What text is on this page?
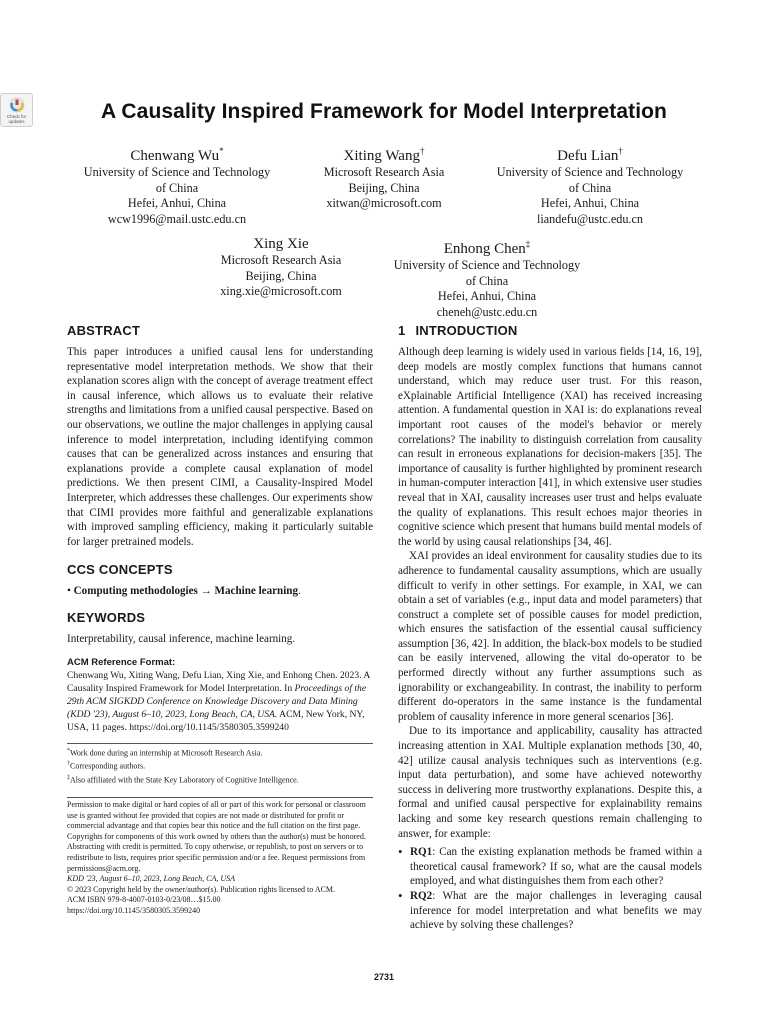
Check for updates	A Causality Inspired Framework for Model Interpretation
Chenwang Wu*
University of Science and Technology
of China
Hefei, Anhui, China
wcw1996@mail.ustc.edu.cn
Xiting Wang†
Microsoft Research Asia
Beijing, China
xitwan@microsoft.com
Defu Lian†
University of Science and Technology
of China
Hefei, Anhui, China
liandefu@ustc.edu.cn
Xing Xie
Microsoft Research Asia
Beijing, China
xing.xie@microsoft.com
Enhong Chen‡
University of Science and Technology
of China
Hefei, Anhui, China
cheneh@ustc.edu.cn
ABSTRACT

This paper introduces a unified causal lens for understanding representative model interpretation methods. We show that their explanation scores align with the concept of average treatment effect in causal inference, which allows us to evaluate their relative strengths and limitations from a unified causal perspective. Based on our observations, we outline the major challenges in applying causal inference to model interpretation, including identifying common causes that can be generalized across instances and ensuring that explanations provide a complete causal explanation of model predictions. We then present CIMI, a Causality-Inspired Model Interpreter, which addresses these challenges. Our experiments show that CIMI provides more faithful and generalizable explanations with improved sampling efficiency, making it particularly suitable for larger pretrained models.

CCS CONCEPTS

• Computing methodologies → Machine learning.

KEYWORDS

Interpretability, causal inference, machine learning.

ACM Reference Format:

Chenwang Wu, Xiting Wang, Defu Lian, Xing Xie, and Enhong Chen. 2023. A Causality Inspired Framework for Model Interpretation. In Proceedings of the 29th ACM SIGKDD Conference on Knowledge Discovery and Data Mining (KDD '23), August 6–10, 2023, Long Beach, CA, USA. ACM, New York, NY, USA, 11 pages. https://doi.org/10.1145/3580305.3599240

*Work done during an internship at Microsoft Research Asia.
†Corresponding authors.
‡Also affiliated with the State Key Laboratory of Cognitive Intelligence.
Permission to make digital or hard copies of all or part of this work for personal or classroom use is granted without fee provided that copies are not made or distributed for profit or commercial advantage and that copies bear this notice and the full citation on the first page. Copyrights for components of this work owned by others than the author(s) must be honored. Abstracting with credit is permitted. To copy otherwise, or republish, to post on servers or to redistribute to lists, requires prior specific permission and/or a fee. Request permissions from permissions@acm.org.
KDD '23, August 6–10, 2023, Long Beach, CA, USA
© 2023 Copyright held by the owner/author(s). Publication rights licensed to ACM.
ACM ISBN 979-8-4007-0103-0/23/08…$15.00
https://doi.org/10.1145/3580305.3599240
1 INTRODUCTION

Although deep learning is widely used in various fields [14, 16, 19], deep models are mostly complex functions that humans cannot understand, which may reduce user trust. For this reason, eXplainable Artificial Intelligence (XAI) has received increasing attention. A fundamental question in XAI is: do explanations reveal important root causes of the model's behavior or merely correlations? The inability to distinguish correlation from causality can result in erroneous explanations for decision-makers [35]. The importance of causality is further highlighted by prominent research in human-computer interaction [41], in which extensive user studies reveal that in XAI, causality increases user trust and helps evaluate the quality of explanations. This result echoes major theories in cognitive science which present that humans build mental models of the world by using causal relationships [34, 46].

XAI provides an ideal environment for causality studies due to its adherence to fundamental causality assumptions, which are usually difficult to verify in other settings. For example, in XAI, we can obtain a set of variables (e.g., input data and model parameters) that construct a complete set of possible causes for model prediction, which ensures the satisfaction of the essential causal sufficiency assumption [36, 42]. In addition, the black-box models to be studied can be easily intervened, allowing the vital do-operator to be performed directly without any further assumptions such as ignorability or exchangeability. In contrast, the inability to perform different do-operators in the same instance is the fundamental problem of causality inference in more general scenarios [36].

Due to its importance and applicability, causality has attracted increasing attention in XAI. Multiple explanation methods [30, 40, 42] utilize causal analysis techniques such as interventions (e.g. input data perturbation), and some have achieved noteworthy success in delivering more trustworthy explanations. Despite this, a formal and unified causal perspective for explainability remains lacking and some key research questions remain challenging to answer, for example:

• RQ1: Can the existing explanation methods be framed within a theoretical causal framework? If so, what are the causal models employed, and what distinguishes them from each other?
• RQ2: What are the major challenges in leveraging causal inference for model interpretation and what benefits we may achieve by solving these challenges?
2731
